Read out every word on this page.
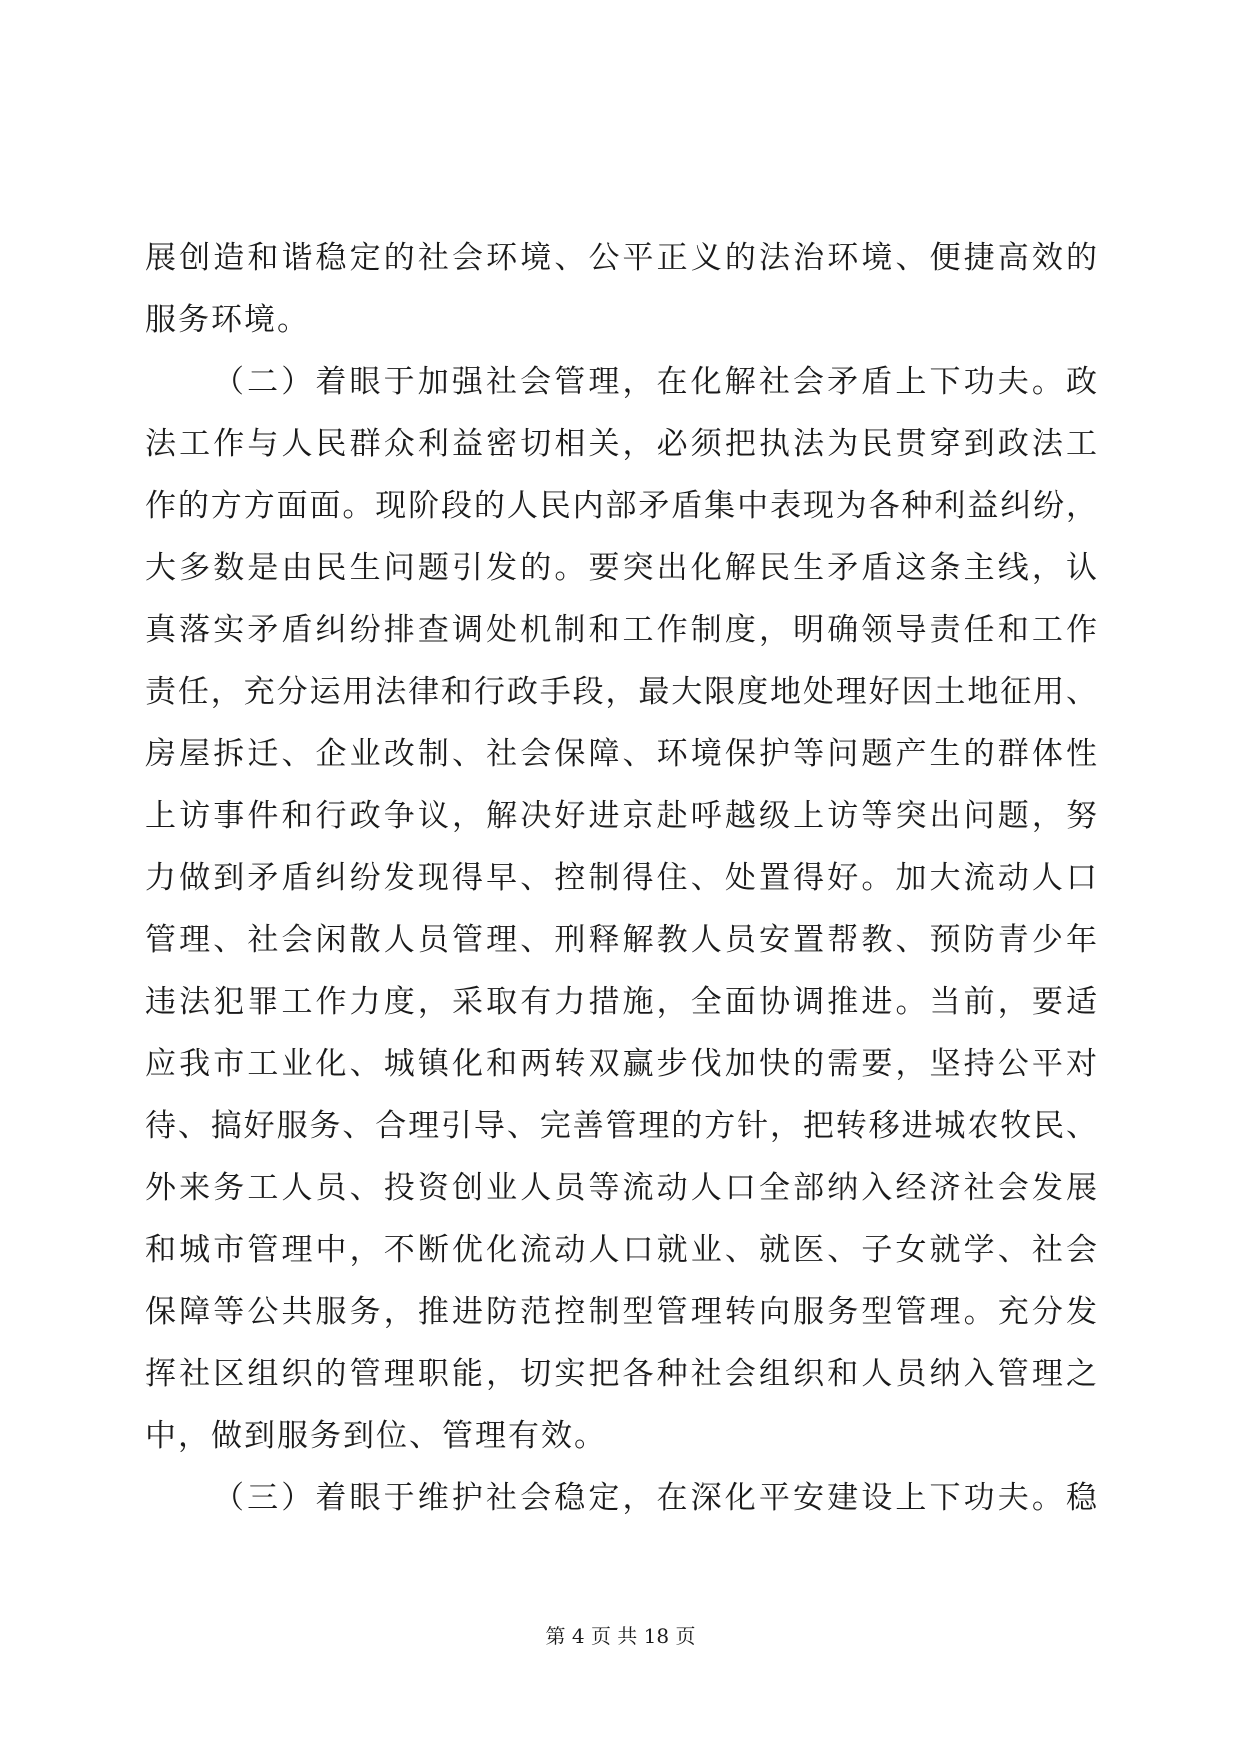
展创造和谐稳定的社会环境、公平正义的法治环境、便捷高效的
服务环境。
（二）着眼于加强社会管理，在化解社会矛盾上下功夫。政
法工作与人民群众利益密切相关，必须把执法为民贯穿到政法工
作的方方面面。现阶段的人民内部矛盾集中表现为各种利益纠纷，
大多数是由民生问题引发的。要突出化解民生矛盾这条主线，认
真落实矛盾纠纷排查调处机制和工作制度，明确领导责任和工作
责任，充分运用法律和行政手段，最大限度地处理好因土地征用、
房屋拆迁、企业改制、社会保障、环境保护等问题产生的群体性
上访事件和行政争议，解决好进京赴呼越级上访等突出问题，努
力做到矛盾纠纷发现得早、控制得住、处置得好。加大流动人口
管理、社会闲散人员管理、刑释解教人员安置帮教、预防青少年
违法犯罪工作力度，采取有力措施，全面协调推进。当前，要适
应我市工业化、城镇化和两转双赢步伐加快的需要，坚持公平对
待、搞好服务、合理引导、完善管理的方针，把转移进城农牧民、
外来务工人员、投资创业人员等流动人口全部纳入经济社会发展
和城市管理中，不断优化流动人口就业、就医、子女就学、社会
保障等公共服务，推进防范控制型管理转向服务型管理。充分发
挥社区组织的管理职能，切实把各种社会组织和人员纳入管理之
中，做到服务到位、管理有效。
（三）着眼于维护社会稳定，在深化平安建设上下功夫。稳
第 4 页 共 18 页
